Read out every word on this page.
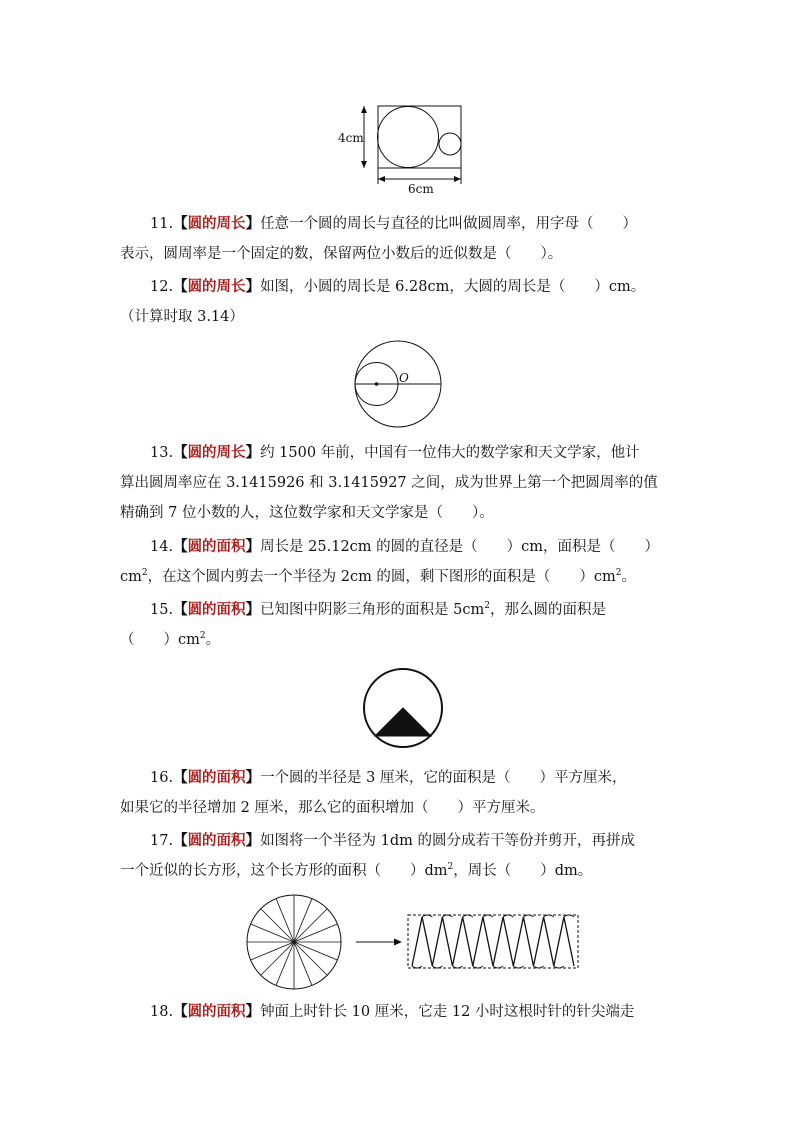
4cm
6cm
11.【圆的周长】任意一个圆的周长与直径的比叫做圆周率，用字母（　　）
表示，圆周率是一个固定的数，保留两位小数后的近似数是（　　）。
12.【圆的周长】如图，小圆的周长是 6.28cm，大圆的周长是（　　）cm。
（计算时取 3.14）
O
13.【圆的周长】约 1500 年前，中国有一位伟大的数学家和天文学家，他计
算出圆周率应在 3.1415926 和 3.1415927 之间，成为世界上第一个把圆周率的值
精确到 7 位小数的人，这位数学家和天文学家是（　　）。
14.【圆的面积】周长是 25.12cm 的圆的直径是（　　）cm，面积是（　　）
$cm^2$，在这个圆内剪去一个半径为 2cm 的圆，剩下图形的面积是（　　）$cm^2$。
15.【圆的面积】已知图中阴影三角形的面积是 $5cm^2$，那么圆的面积是
（　　）$cm^2$。
16.【圆的面积】一个圆的半径是 3 厘米，它的面积是（　　）平方厘米，
如果它的半径增加 2 厘米，那么它的面积增加（　　）平方厘米。
17.【圆的面积】如图将一个半径为 1dm 的圆分成若干等份并剪开，再拼成
一个近似的长方形，这个长方形的面积（　　）$dm^2$，周长（　　）dm。
18.【圆的面积】钟面上时针长 10 厘米，它走 12 小时这根时针的针尖端走
